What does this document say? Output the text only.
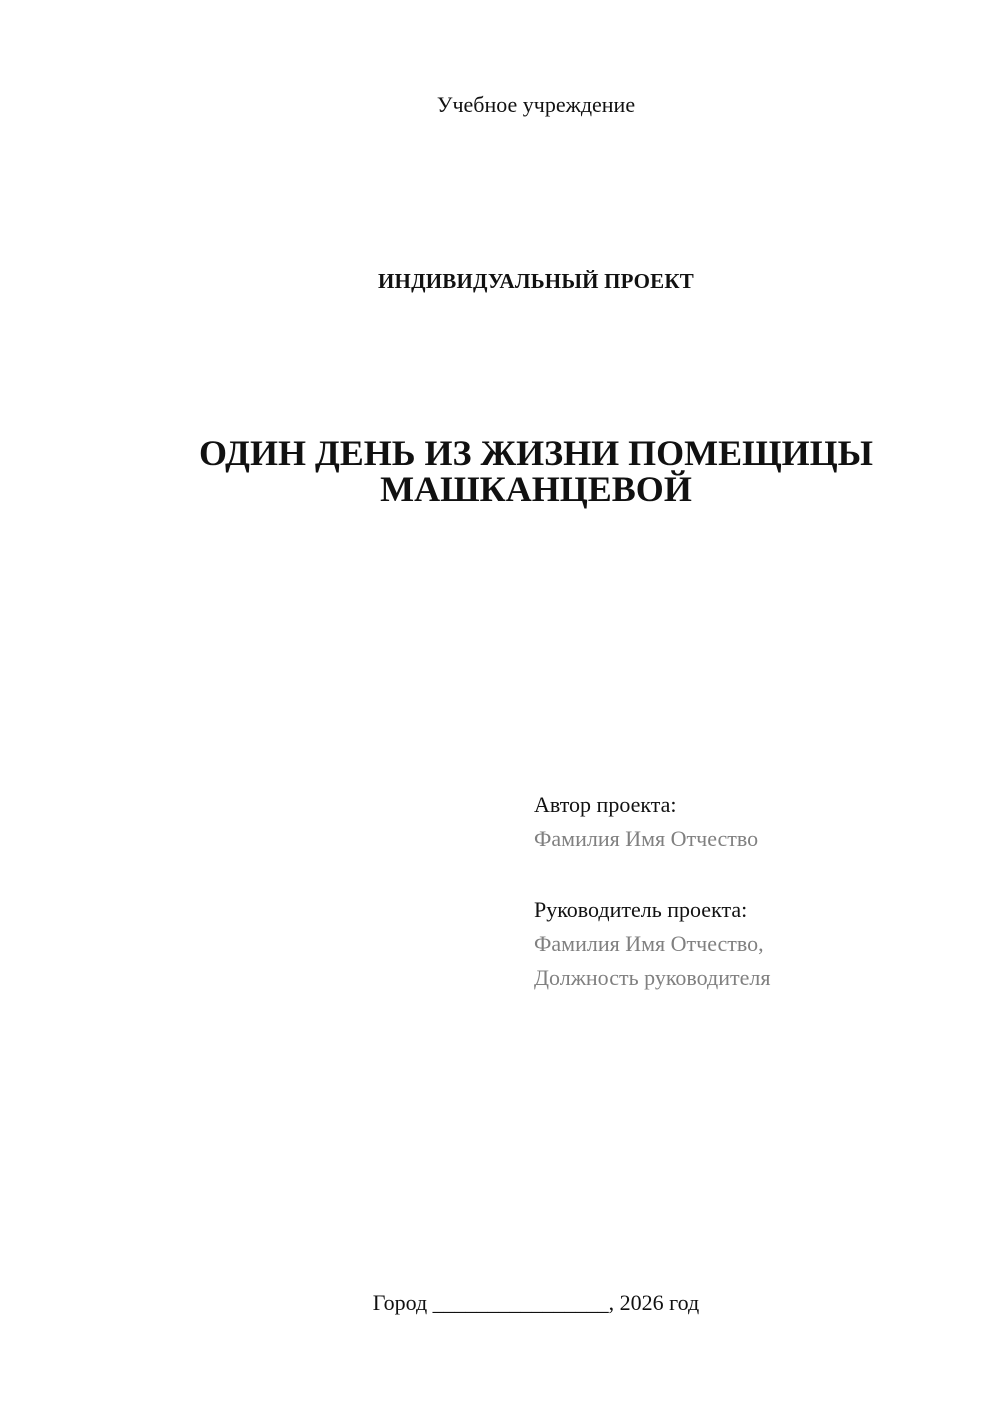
Учебное учреждение
ИНДИВИДУАЛЬНЫЙ ПРОЕКТ
ОДИН ДЕНЬ ИЗ ЖИЗНИ ПОМЕЩИЦЫ
МАШКАНЦЕВОЙ
Автор проекта:
Фамилия Имя Отчество
Руководитель проекта:
Фамилия Имя Отчество,
Должность руководителя
Город ________________, 2026 год
